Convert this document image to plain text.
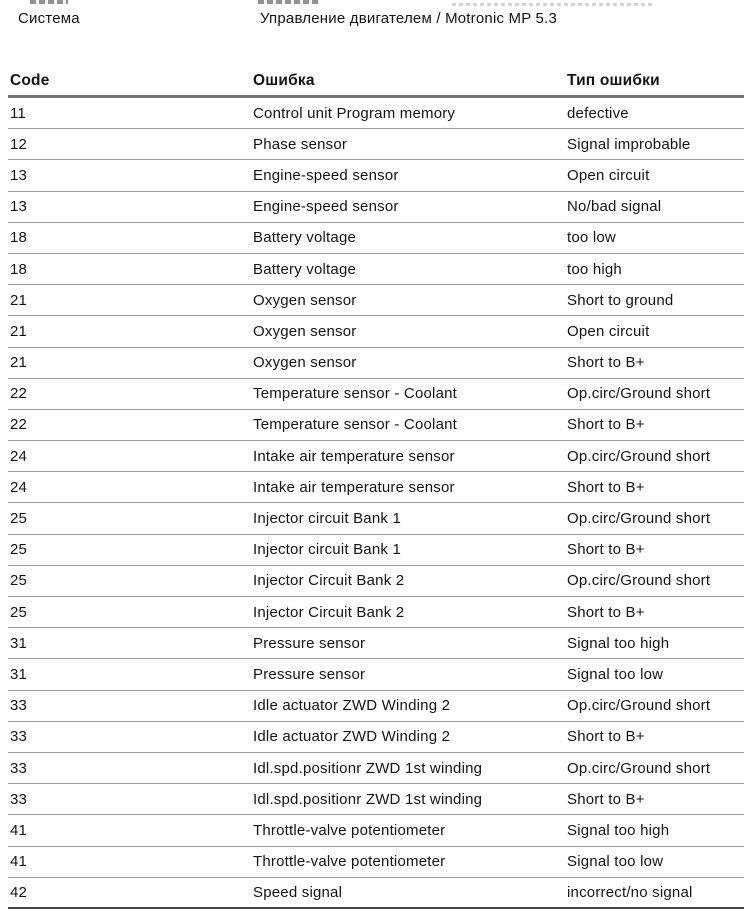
Система	Управление двигателем / Motronic MP 5.3
Code	Ошибка	Тип ошибки
11	Control unit Program memory	defective
12	Phase sensor	Signal improbable
13	Engine-speed sensor	Open circuit
13	Engine-speed sensor	No/bad signal
18	Battery voltage	too low
18	Battery voltage	too high
21	Oxygen sensor	Short to ground
21	Oxygen sensor	Open circuit
21	Oxygen sensor	Short to B+
22	Temperature sensor - Coolant	Op.circ/Ground short
22	Temperature sensor - Coolant	Short to B+
24	Intake air temperature sensor	Op.circ/Ground short
24	Intake air temperature sensor	Short to B+
25	Injector circuit Bank 1	Op.circ/Ground short
25	Injector circuit Bank 1	Short to B+
25	Injector Circuit Bank 2	Op.circ/Ground short
25	Injector Circuit Bank 2	Short to B+
31	Pressure sensor	Signal too high
31	Pressure sensor	Signal too low
33	Idle actuator ZWD Winding 2	Op.circ/Ground short
33	Idle actuator ZWD Winding 2	Short to B+
33	Idl.spd.positionr ZWD 1st winding	Op.circ/Ground short
33	Idl.spd.positionr ZWD 1st winding	Short to B+
41	Throttle-valve potentiometer	Signal too high
41	Throttle-valve potentiometer	Signal too low
42	Speed signal	incorrect/no signal
